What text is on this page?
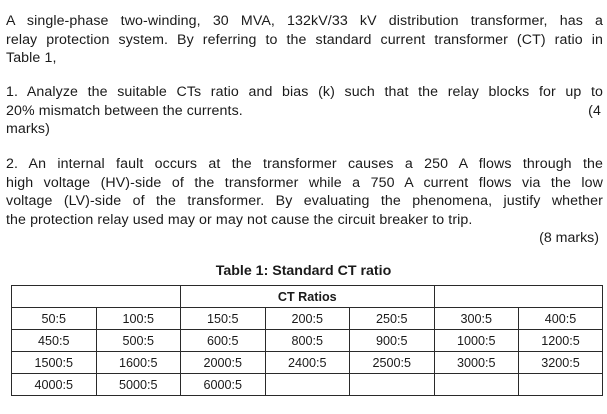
A single-phase two-winding, 30 MVA, 132kV/33 kV distribution transformer, has a
relay protection system. By referring to the standard current transformer (CT) ratio in
Table 1,
1. Analyze the suitable CTs ratio and bias (k) such that the relay blocks for up to
20% mismatch between the currents.	(4
marks)
2. An internal fault occurs at the transformer causes a 250 A flows through the
high voltage (HV)-side of the transformer while a 750 A current flows via the low
voltage (LV)-side of the transformer. By evaluating the phenomena, justify whether
the protection relay used may or may not cause the circuit breaker to trip.
(8 marks)
Table 1: Standard CT ratio
		CT Ratios				
50:5	100:5	150:5	200:5	250:5	300:5	400:5
450:5	500:5	600:5	800:5	900:5	1000:5	1200:5
1500:5	1600:5	2000:5	2400:5	2500:5	3000:5	3200:5
4000:5	5000:5	6000:5				
